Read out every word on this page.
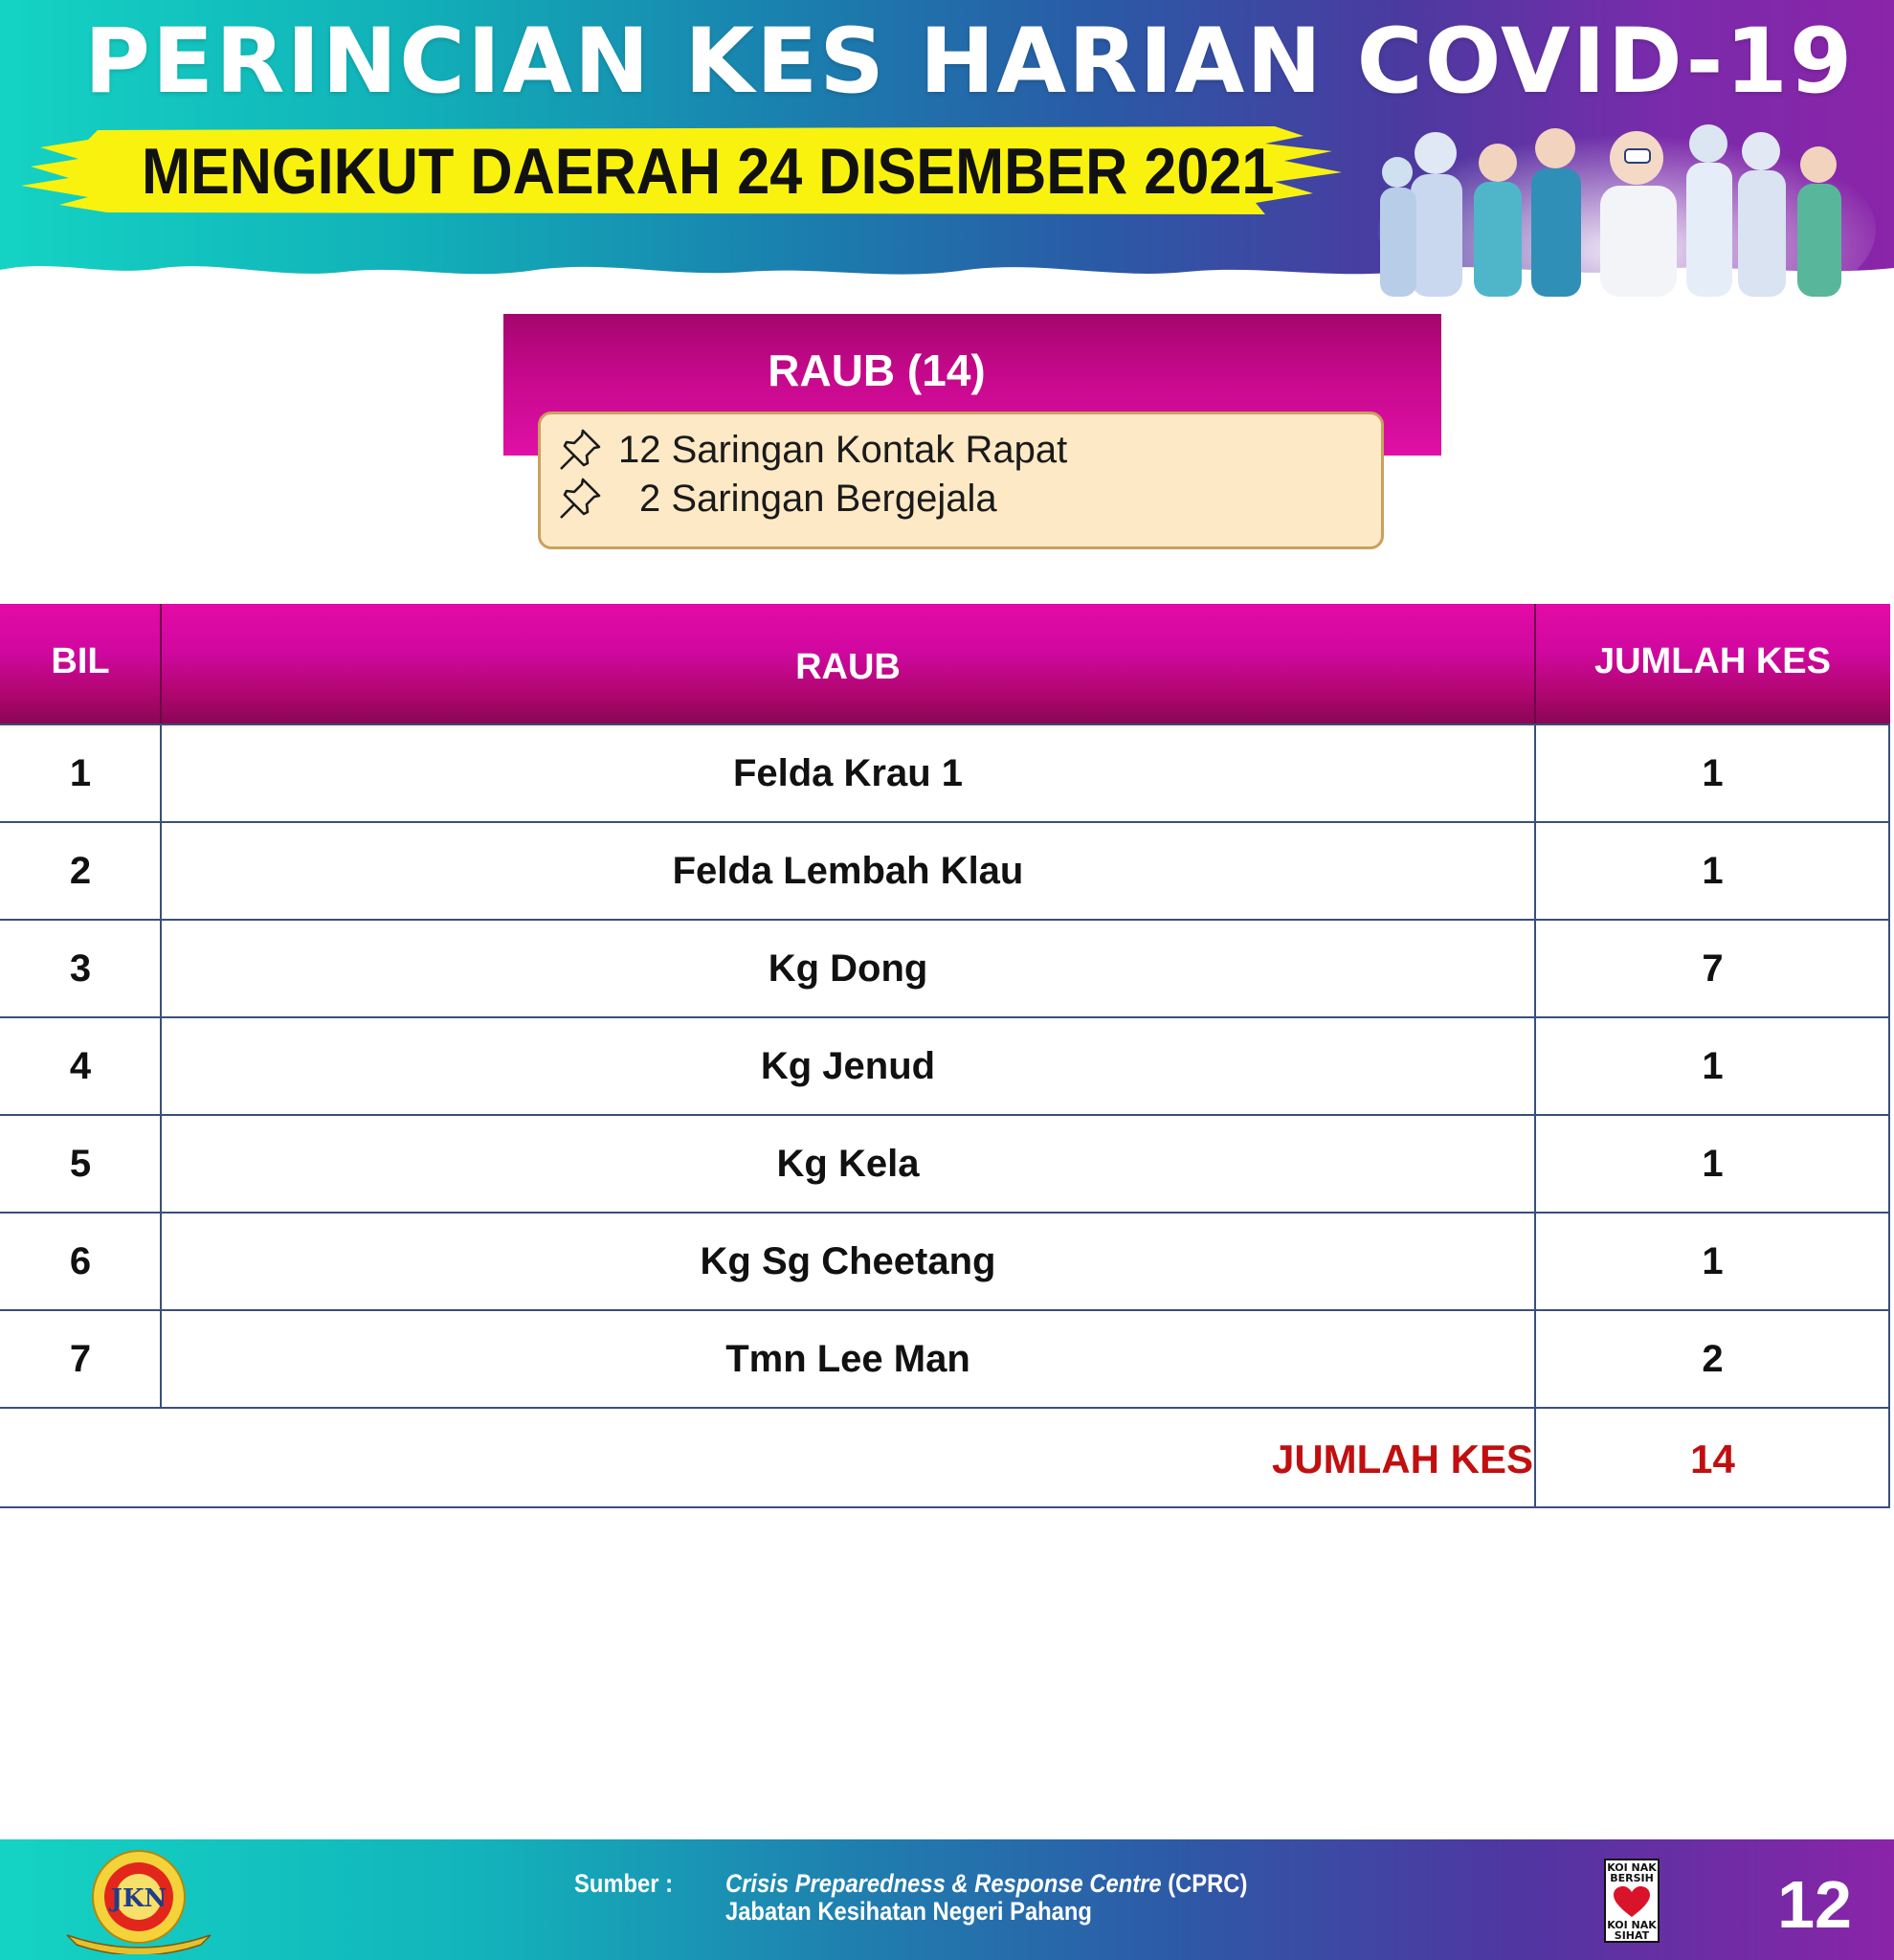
PERINCIAN KES HARIAN COVID-19
MENGIKUT DAERAH 24 DISEMBER 2021
RAUB (14)
12
Saringan Kontak Rapat
2
Saringan Bergejala
BIL	RAUB	JUMLAH KES
1	Felda Krau 1	1
2	Felda Lembah Klau	1
3	Kg Dong	7
4	Kg Jenud	1
5	Kg Kela	1
6	Kg Sg Cheetang	1
7	Tmn Lee Man	2
JUMLAH KES	14
JKN
Sumber : Crisis Preparedness & Response Centre (CPRC)
Jabatan Kesihatan Negeri Pahang
KOI NAK BERSIH
KOI NAK SIHAT	12
